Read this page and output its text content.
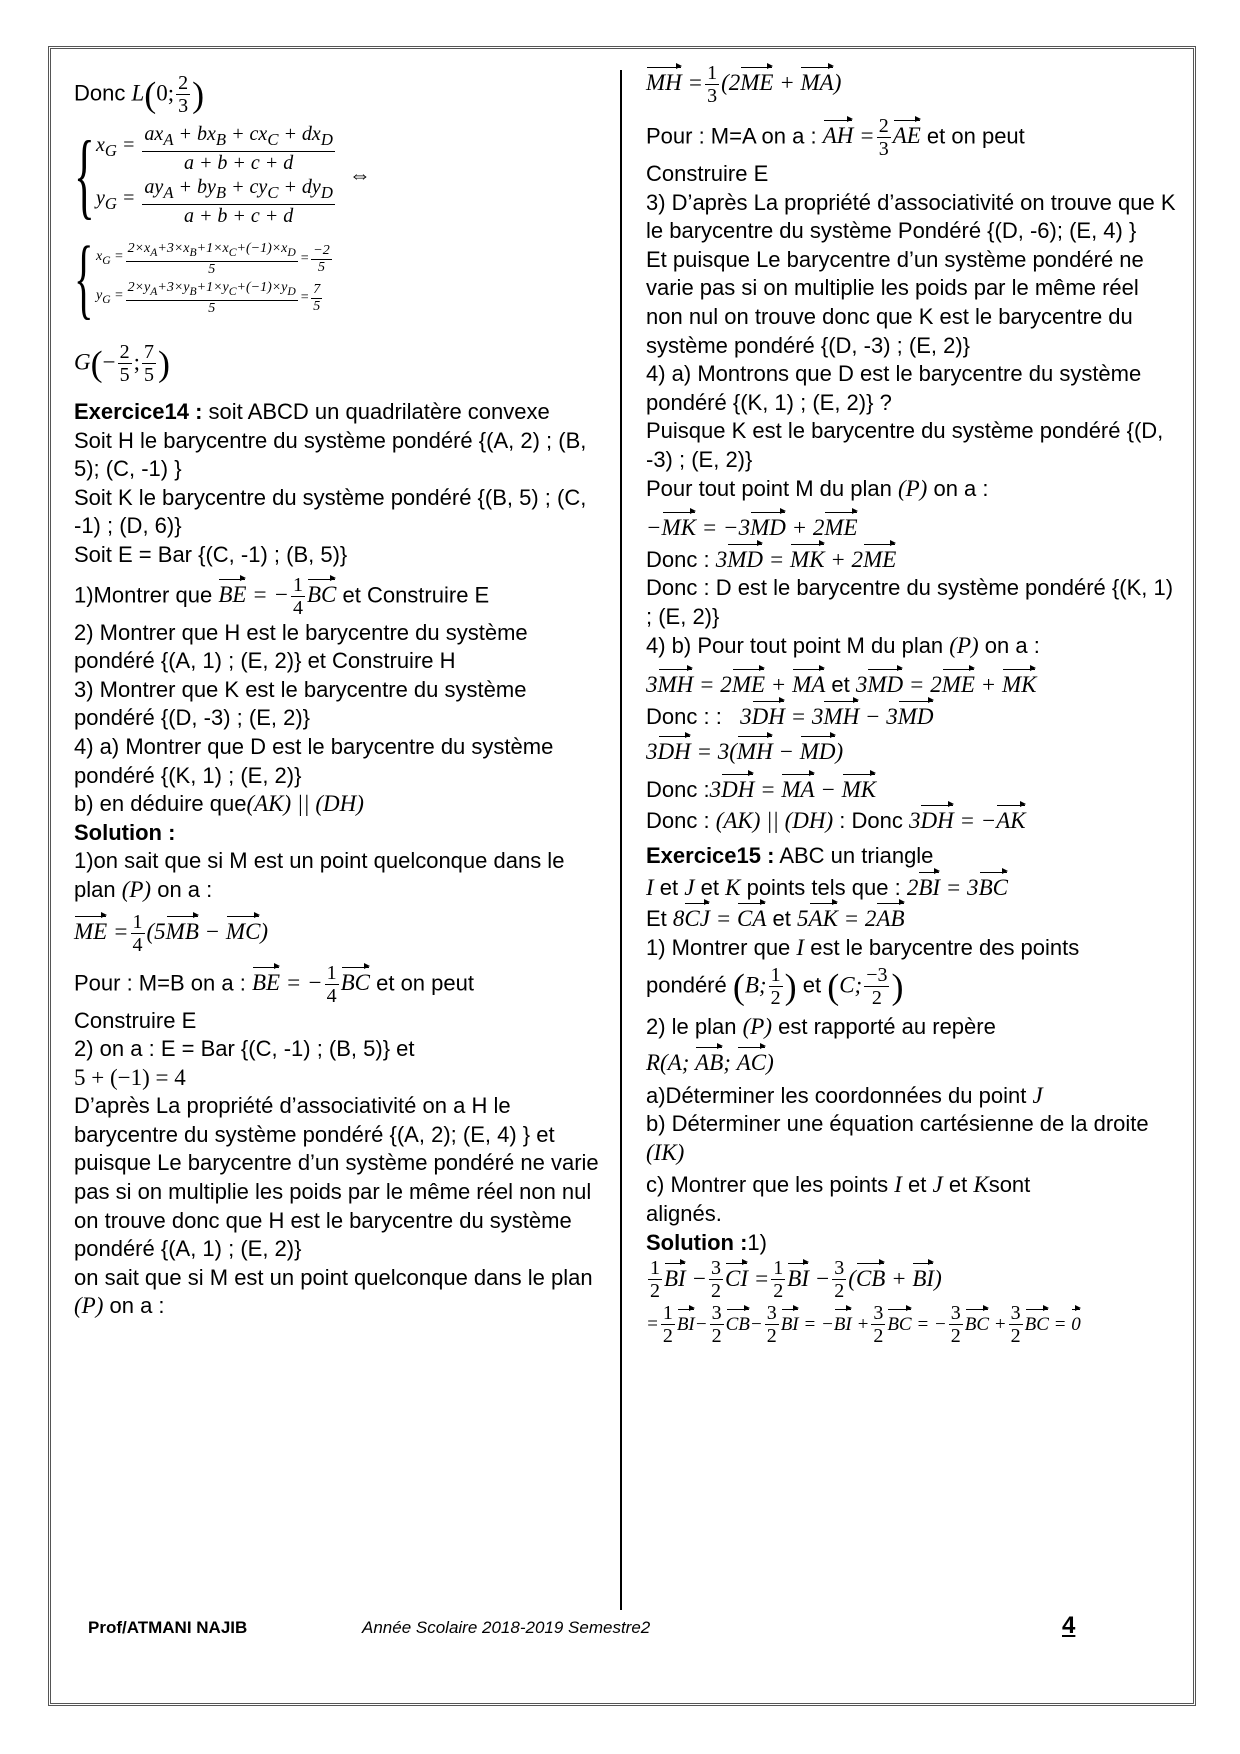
Donc L(0; $\frac{2}{3}$ )

{ $x_G$ =
$ax_A + bx_B + cx_C + dx_D$
a + b + c + d
$y_G$ =
$ay_A + by_B + cy_C + dy_D$
a + b + c + d
⇔
{ $x_G = \frac{2\times x_A+3\times x_B+1\times x_C+(-1)\times x_D}{5} = \frac{-2}{5}$
$y_G = \frac{2\times y_A+3\times y_B+1\times y_C+(-1)\times y_D}{5} = \frac{7}{5}$

$G(- \frac{2}{5}$ ; $\frac{7}{5}$ )

Exercice14 : soit ABCD un quadrilatère convexe

Soit H le barycentre du système pondéré {(A, 2) ; (B, 5); (C, -1) }

Soit K le barycentre du système pondéré {(B, 5) ; (C, -1) ; (D, 6)}

Soit E = Bar {(C, -1) ; (B, 5)}

1)Montrer que BE = − $\frac{1}{4}$ BC et Construire E

2) Montrer que H est le barycentre du système pondéré {(A, 1) ; (E, 2)} et Construire H

3) Montrer que K est le barycentre du système pondéré {(D, -3) ; (E, 2)}

4) a) Montrer que D est le barycentre du système pondéré {(K, 1) ; (E, 2)}

b) en déduire que(AK) || (DH)

Solution :

1)on sait que si M est un point quelconque dans le plan (P) on a :

ME = $\frac{1}{4} (5MB - MC)$

Pour : M=B on a : BE = − $\frac{1}{4}$ BC et on peut

Construire E

2) on a : E = Bar {(C, -1) ; (B, 5)} et

5 + (−1) = 4

D’après La propriété d’associativité on a H le barycentre du système pondéré {(A, 2); (E, 4) } et puisque Le barycentre d’un système pondéré ne varie pas si on multiplie les poids par le même réel non nul on trouve donc que H est le barycentre du système pondéré {(A, 1) ; (E, 2)}

on sait que si M est un point quelconque dans le plan (P) on a :

MH = $\frac{1}{3} (2ME + MA)$

Pour : M=A on a : AH = $\frac{2}{3}$ AE et on peut

Construire E

3) D’après La propriété d’associativité on trouve que K le barycentre du système Pondéré {(D, -6); (E, 4) }

Et puisque Le barycentre d’un système pondéré ne varie pas si on multiplie les poids par le même réel non nul on trouve donc que K est le barycentre du système pondéré {(D, -3) ; (E, 2)}

4) a) Montrons que D est le barycentre du système pondéré {(K, 1) ; (E, 2)} ?

Puisque K est le barycentre du système pondéré {(D, -3) ; (E, 2)}

Pour tout point M du plan (P) on a :

−MK = −3MD + 2ME

Donc : 3MD = MK + 2ME

Donc : D est le barycentre du système pondéré {(K, 1) ; (E, 2)}

4) b) Pour tout point M du plan (P) on a :

3MH = 2ME + MA et 3MD = 2ME + MK

Donc : : 3DH = 3MH − 3MD

3DH = 3(MH − MD)

Donc :3DH = MA − MK

Donc : (AK) || (DH) : Donc 3DH = −AK

Exercice15 : ABC un triangle

I et J et K points tels que : 2BI = 3BC

Et 8CJ = CA et 5AK = 2AB

1) Montrer que I est le barycentre des points

pondéré (B; $\frac{1}{2}$ ) et (C; $\frac{-3}{2}$ )

2) le plan (P) est rapporté au repère

R(A; AB; AC)

a)Déterminer les coordonnées du point J

b) Déterminer une équation cartésienne de la droite (IK)

c) Montrer que les points I et J et Ksont

alignés.

Solution :1)

$\frac{1}{2}$ BI − $\frac{3}{2}$ CI = $\frac{1}{2}$ BI − $\frac{3}{2} (CB + BI)$

= $\frac{1}{2} BI- \frac{3}{2} CB- \frac{3}{2}$ BI = $-BI + \frac{3}{2}$ BC = − $\frac{3}{2}$ BC + $\frac{3}{2}$ BC = 0

Prof/ATMANI NAJIB	Année Scolaire 2018-2019 Semestre2	4
